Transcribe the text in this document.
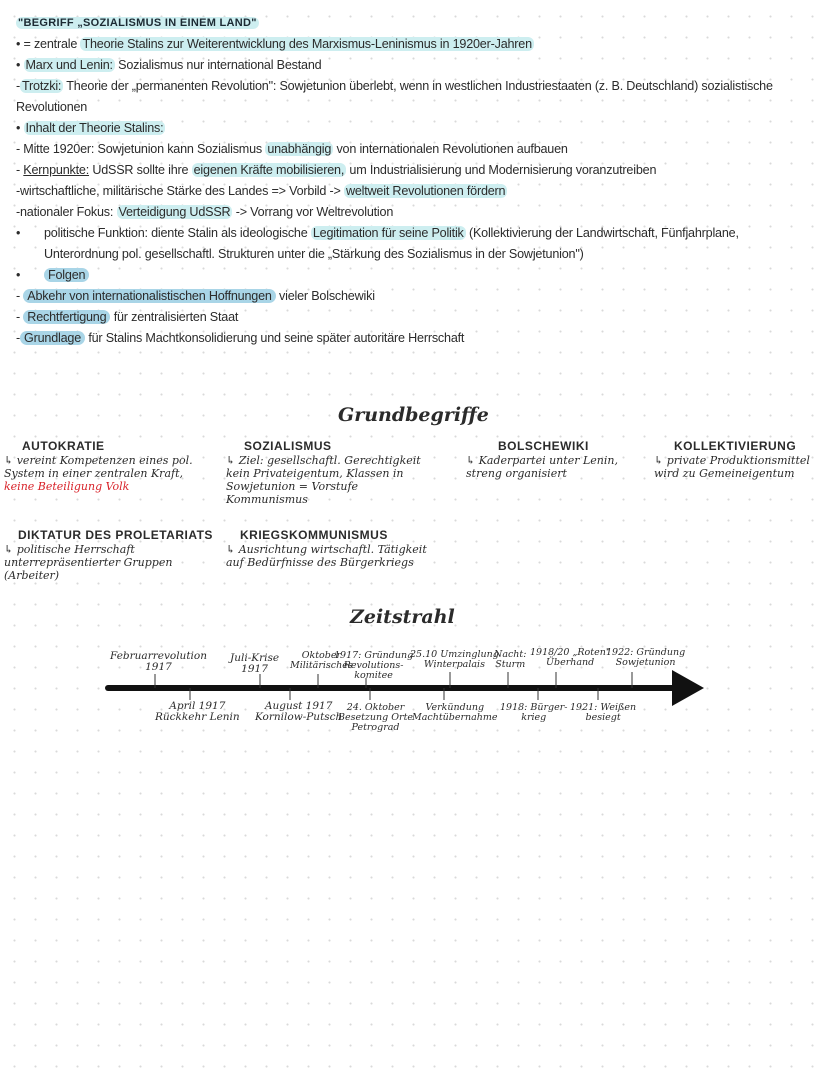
"BEGRIFF „SOZIALISMUS IN EINEM LAND"

• = zentrale Theorie Stalins zur Weiterentwicklung des Marxismus-Leninismus in 1920er-Jahren

• Marx und Lenin: Sozialismus nur international Bestand

- Trotzki: Theorie der „permanenten Revolution": Sowjetunion überlebt, wenn in westlichen Industriestaaten (z. B. Deutschland) sozialistische Revolutionen

• Inhalt der Theorie Stalins:

- Mitte 1920er: Sowjetunion kann Sozialismus unabhängig von internationalen Revolutionen aufbauen

- Kernpunkte: UdSSR sollte ihre eigenen Kräfte mobilisieren, um Industrialisierung und Modernisierung voranzutreiben

-wirtschaftliche, militärische Stärke des Landes => Vorbild -> weltweit Revolutionen fördern

-nationaler Fokus: Verteidigung UdSSR -> Vorrang vor Weltrevolution

•	politische Funktion: diente Stalin als ideologische Legitimation für seine Politik (Kollektivierung der Landwirtschaft, Fünfjahrplane, Unterordnung pol. gesellschaftl. Strukturen unter die „Stärkung des Sozialismus in der Sowjetunion")

• Folgen

- Abkehr von internationalistischen Hoffnungen vieler Bolschewiki

- Rechtfertigung für zentralisierten Staat

- Grundlage für Stalins Machtkonsolidierung und seine später autoritäre Herrschaft

Grundbegriffe
AUTOKRATIE
↳ vereint Kompetenzen eines pol. System in einer zentralen Kraft, keine Beteiligung Volk
SOZIALISMUS
↳ Ziel: gesellschaftl. Gerechtigkeit kein Privateigentum, Klassen in Sowjetunion = Vorstufe Kommunismus
BOLSCHEWIKI
↳ Kaderpartei unter Lenin, streng organisiert
KOLLEKTIVIERUNG
↳ private Produktionsmittel wird zu Gemeineigentum
DIKTATUR DES PROLETARIATS
↳ politische Herrschaft unterrepräsentierter Gruppen (Arbeiter)
KRIEGSKOMMUNISMUS
↳ Ausrichtung wirtschaftl. Tätigkeit auf Bedürfnisse des Bürgerkriegs
Zeitstrahl
Februarrevolution
1917
Juli-Krise
1917
Oktober
Militärisches
1917: Gründung
Revolutions-
komitee
25.10 Umzinglung
Winterpalais
Nacht:
Sturm
1918/20 „Roten"
Überhand
1922: Gründung
Sowjetunion
April 1917
Rückkehr Lenin
August 1917
Kornilow-Putsch
24. Oktober
Besetzung Orte
Petrograd
Verkündung
Machtübernahme
1918: Bürger-
krieg
1921: Weißen
besiegt
